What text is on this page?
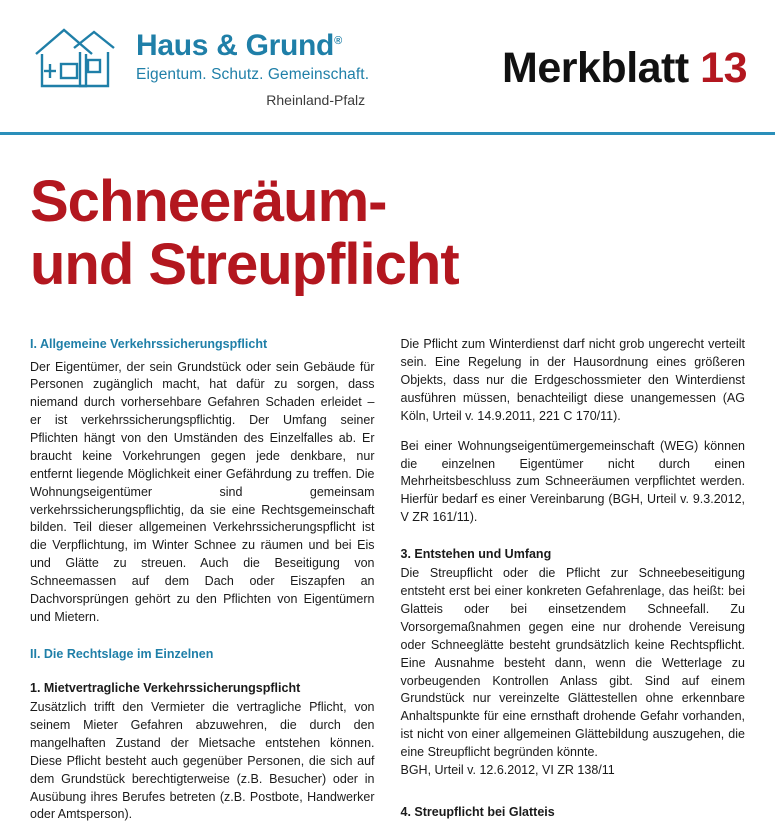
Haus & Grund®
Eigentum. Schutz. Gemeinschaft.
Rheinland-Pfalz
Merkblatt 13
Schneeräum-
und Streupflicht
I. Allgemeine Verkehrssicherungspflicht

Der Eigentümer, der sein Grundstück oder sein Gebäude für Personen zugänglich macht, hat dafür zu sorgen, dass niemand durch vorhersehbare Gefahren Schaden erleidet – er ist verkehrssicherungspflichtig. Der Umfang seiner Pflichten hängt von den Umständen des Einzelfalles ab. Er braucht keine Vorkehrungen gegen jede denkbare, nur entfernt liegende Möglichkeit einer Gefährdung zu treffen. Die Wohnungseigentümer sind gemeinsam verkehrssicherungspflichtig, da sie eine Rechtsgemeinschaft bilden. Teil dieser allgemeinen Verkehrssicherungspflicht ist die Verpflichtung, im Winter Schnee zu räumen und bei Eis und Glätte zu streuen. Auch die Beseitigung von Schneemassen auf dem Dach oder Eiszapfen an Dachvorsprüngen gehört zu den Pflichten von Eigentümern und Mietern.

II. Die Rechtslage im Einzelnen
1. Mietvertragliche Verkehrssicherungspflicht

Zusätzlich trifft den Vermieter die vertragliche Pflicht, von seinem Mieter Gefahren abzuwehren, die durch den mangelhaften Zustand der Mietsache entstehen können. Diese Pflicht besteht auch gegenüber Personen, die sich auf dem Grundstück berechtigterweise (z.B. Besucher) oder in Ausübung ihres Berufes betreten (z.B. Postbote, Handwerker oder Amtsperson).

Die Pflicht zum Winterdienst darf nicht grob ungerecht verteilt sein. Eine Regelung in der Hausordnung eines größeren Objekts, dass nur die Erdgeschossmieter den Winterdienst ausführen müssen, benachteiligt diese unangemessen (AG Köln, Urteil v. 14.9.2011, 221 C 170/11).

Bei einer Wohnungseigentümergemeinschaft (WEG) können die einzelnen Eigentümer nicht durch einen Mehrheitsbeschluss zum Schneeräumen verpflichtet werden. Hierfür bedarf es einer Vereinbarung (BGH, Urteil v. 9.3.2012, V ZR 161/11).

3. Entstehen und Umfang

Die Streupflicht oder die Pflicht zur Schneebeseitigung entsteht erst bei einer konkreten Gefahrenlage, das heißt: bei Glatteis oder bei einsetzendem Schneefall. Zu Vorsorgemaßnahmen gegen eine nur drohende Vereisung oder Schneeglätte besteht grundsätzlich keine Rechtspflicht. Eine Ausnahme besteht dann, wenn die Wetterlage zu vorbeugenden Kontrollen Anlass gibt. Sind auf einem Grundstück nur vereinzelte Glättestellen ohne erkennbare Anhaltspunkte für eine ernsthaft drohende Gefahr vorhanden, ist nicht von einer allgemeinen Glättebildung auszugehen, die eine Streupflicht begründen könnte.

BGH, Urteil v. 12.6.2012, VI ZR 138/11

4. Streupflicht bei Glatteis
